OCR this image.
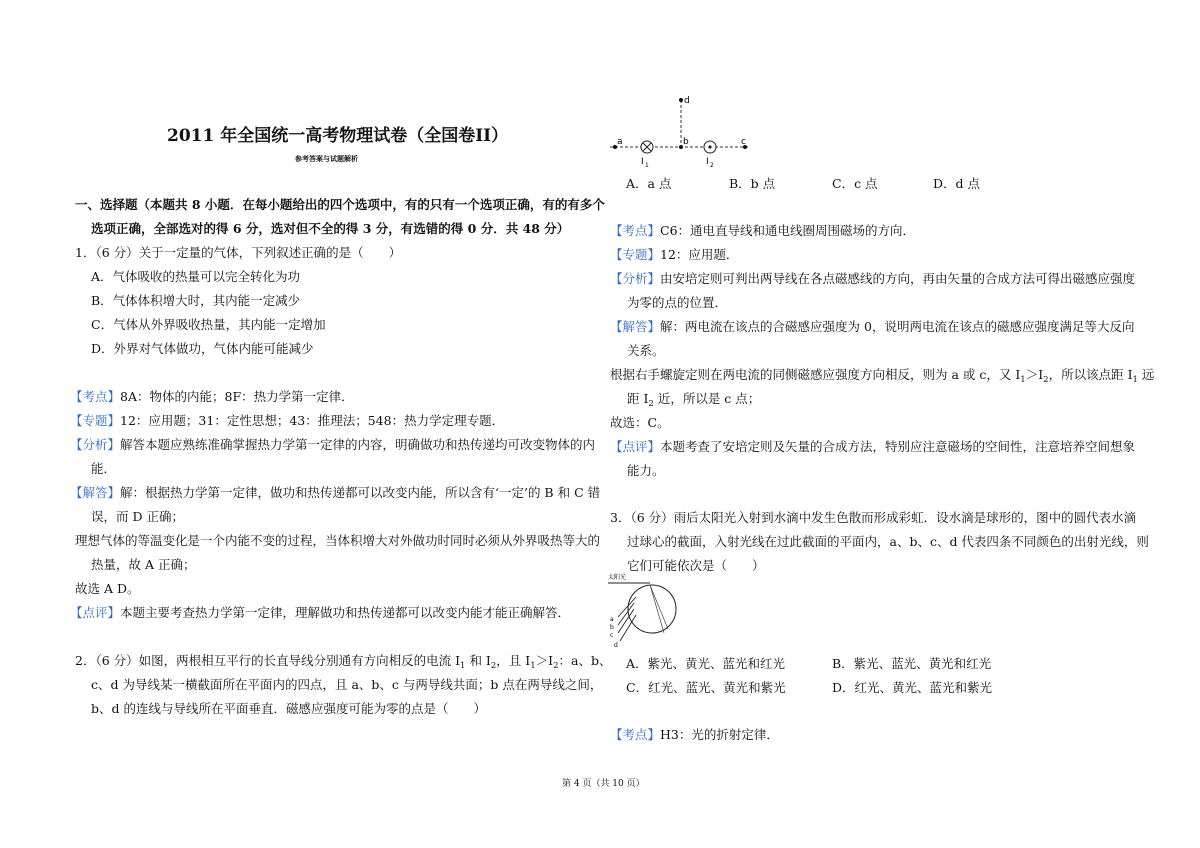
2011 年全国统一高考物理试卷（全国卷II）
参考答案与试题解析
一、选择题（本题共 8 小题．在每小题给出的四个选项中，有的只有一个选项正确，有的有多个
选项正确，全部选对的得 6 分，选对但不全的得 3 分，有选错的得 0 分．共 48 分）
1．（6 分）关于一定量的气体，下列叙述正确的是（　　）
A．气体吸收的热量可以完全转化为功
B．气体体积增大时，其内能一定减少
C．气体从外界吸收热量，其内能一定增加
D．外界对气体做功，气体内能可能减少
【考点】8A：物体的内能；8F：热力学第一定律．
【专题】12：应用题；31：定性思想；43：推理法；548：热力学定理专题．
【分析】解答本题应熟练准确掌握热力学第一定律的内容，明确做功和热传递均可改变物体的内
能．
【解答】解：根据热力学第一定律，做功和热传递都可以改变内能，所以含有‘一定’的 B 和 C 错
误，而 D 正确；
理想气体的等温变化是一个内能不变的过程，当体积增大对外做功时同时必须从外界吸热等大的
热量，故 A 正确；
故选 A D。
【点评】本题主要考查热力学第一定律，理解做功和热传递都可以改变内能才能正确解答．
2．（6 分）如图，两根相互平行的长直导线分别通有方向相反的电流 $I_1$ 和 $I_2$，且 $I_1>I_2$：a、b、
c、d 为导线某一横截面所在平面内的四点，且 a、b、c 与两导线共面；b 点在两导线之间，
b、d 的连线与导线所在平面垂直．磁感应强度可能为零的点是（　　）
d
a	b	c
I 1	I 2
A．a 点	B．b 点	C．c 点	D．d 点
【考点】C6：通电直导线和通电线圈周围磁场的方向．
【专题】12：应用题．
【分析】由安培定则可判出两导线在各点磁感线的方向，再由矢量的合成方法可得出磁感应强度
为零的点的位置．
【解答】解：两电流在该点的合磁感应强度为 0，说明两电流在该点的磁感应强度满足等大反向
关系。
根据右手螺旋定则在两电流的同侧磁感应强度方向相反，则为 a 或 c，又 $I_1>I_2$，所以该点距 $I_1$ 远
距 $I_2$ 近，所以是 c 点；
故选：C。
【点评】本题考查了安培定则及矢量的合成方法，特别应注意磁场的空间性，注意培养空间想象
能力。
3．（6 分）雨后太阳光入射到水滴中发生色散而形成彩虹．设水滴是球形的，图中的圆代表水滴
过球心的截面，入射光线在过此截面的平面内，a、b、c、d 代表四条不同颜色的出射光线，则
它们可能依次是（　　）
太阳光
a
b
c
d
A．紫光、黄光、蓝光和红光	B．紫光、蓝光、黄光和红光
C．红光、蓝光、黄光和紫光	D．红光、黄光、蓝光和紫光
【考点】H3：光的折射定律．
第 4 页（共 10 页）
